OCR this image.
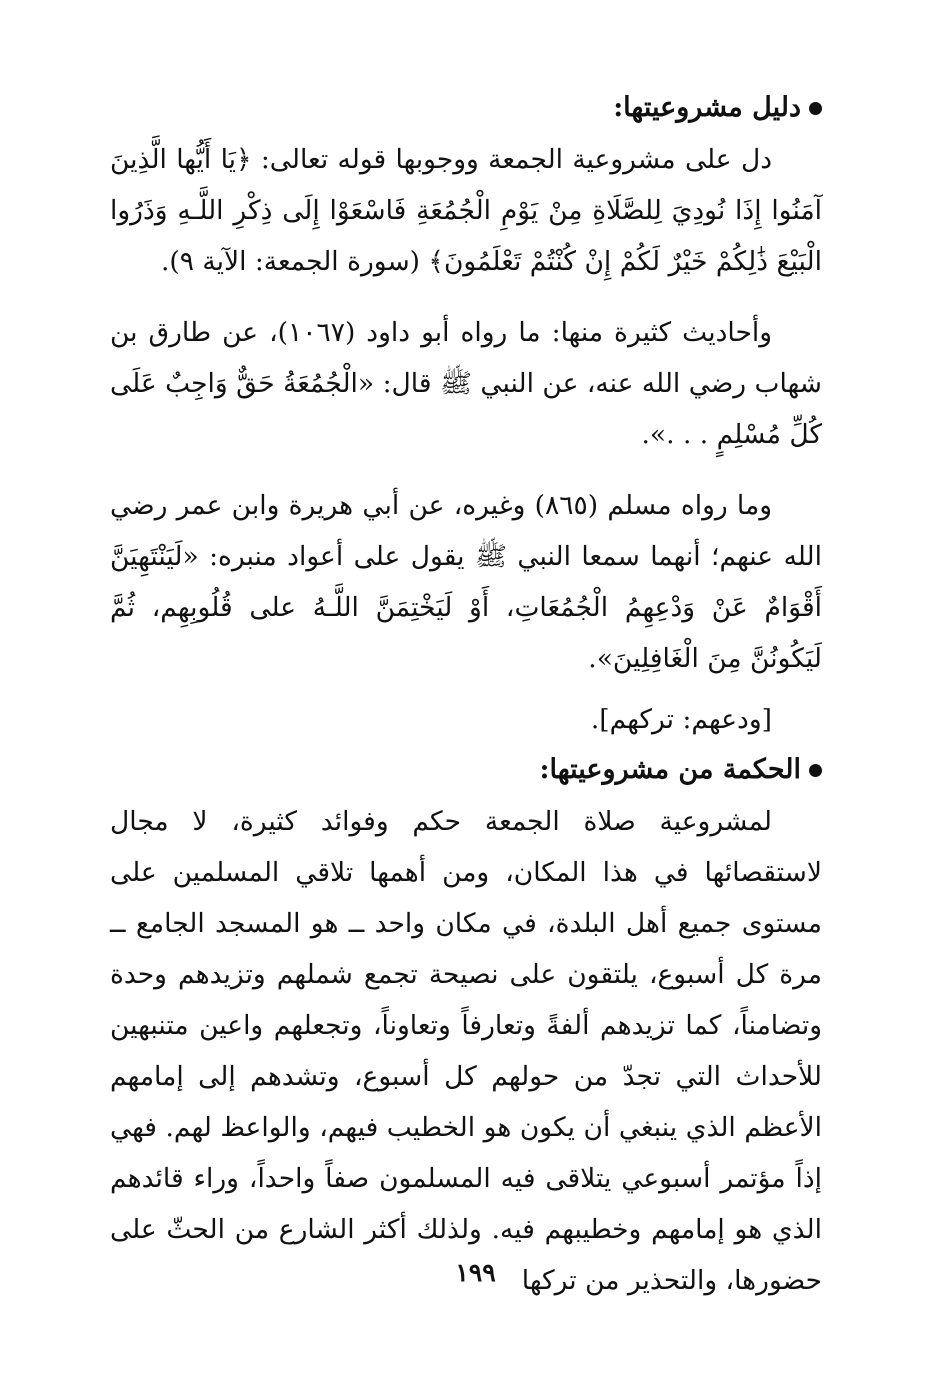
دليل مشروعيتها:

دل على مشروعية الجمعة ووجوبها قوله تعالى: ﴿يَا أَيُّها الَّذِينَ آمَنُوا إِذَا نُودِيَ لِلصَّلَاةِ مِنْ يَوْمِ الْجُمُعَةِ فَاسْعَوْا إِلَى ذِكْرِ اللَّـهِ وَذَرُوا الْبَيْعَ ذَٰلِكُمْ خَيْرٌ لَكُمْ إِنْ كُنْتُمْ تَعْلَمُونَ﴾ (سورة الجمعة: الآية ٩).

وأحاديث كثيرة منها: ما رواه أبو داود (١٠٦٧)، عن طارق بن شهاب رضي الله عنه، عن النبي ﷺ قال: «الْجُمُعَةُ حَقٌّ وَاجِبٌ عَلَى كُلِّ مُسْلِمٍ . . .».

وما رواه مسلم (٨٦٥) وغيره، عن أبي هريرة وابن عمر رضي الله عنهم؛ أنهما سمعا النبي ﷺ يقول على أعواد منبره: «لَيَنْتَهِيَنَّ أَقْوَامٌ عَنْ وَدْعِهِمُ الْجُمُعَاتِ، أَوْ لَيَخْتِمَنَّ اللَّـهُ على قُلُوبِهِم، ثُمَّ لَيَكُونُنَّ مِنَ الْغَافِلِينَ».

[ودعهم: تركهم].

الحكمة من مشروعيتها:

لمشروعية صلاة الجمعة حكم وفوائد كثيرة، لا مجال لاستقصائها في هذا المكان، ومن أهمها تلاقي المسلمين على مستوى جميع أهل البلدة، في مكان واحد ــ هو المسجد الجامع ــ مرة كل أسبوع، يلتقون على نصيحة تجمع شملهم وتزيدهم وحدة وتضامناً، كما تزيدهم ألفةً وتعارفاً وتعاوناً، وتجعلهم واعين متنبهين للأحداث التي تجدّ من حولهم كل أسبوع، وتشدهم إلى إمامهم الأعظم الذي ينبغي أن يكون هو الخطيب فيهم، والواعظ لهم. فهي إذاً مؤتمر أسبوعي يتلاقى فيه المسلمون صفاً واحداً، وراء قائدهم الذي هو إمامهم وخطيبهم فيه. ولذلك أكثر الشارع من الحثّ على حضورها، والتحذير من تركها

١٩٩
